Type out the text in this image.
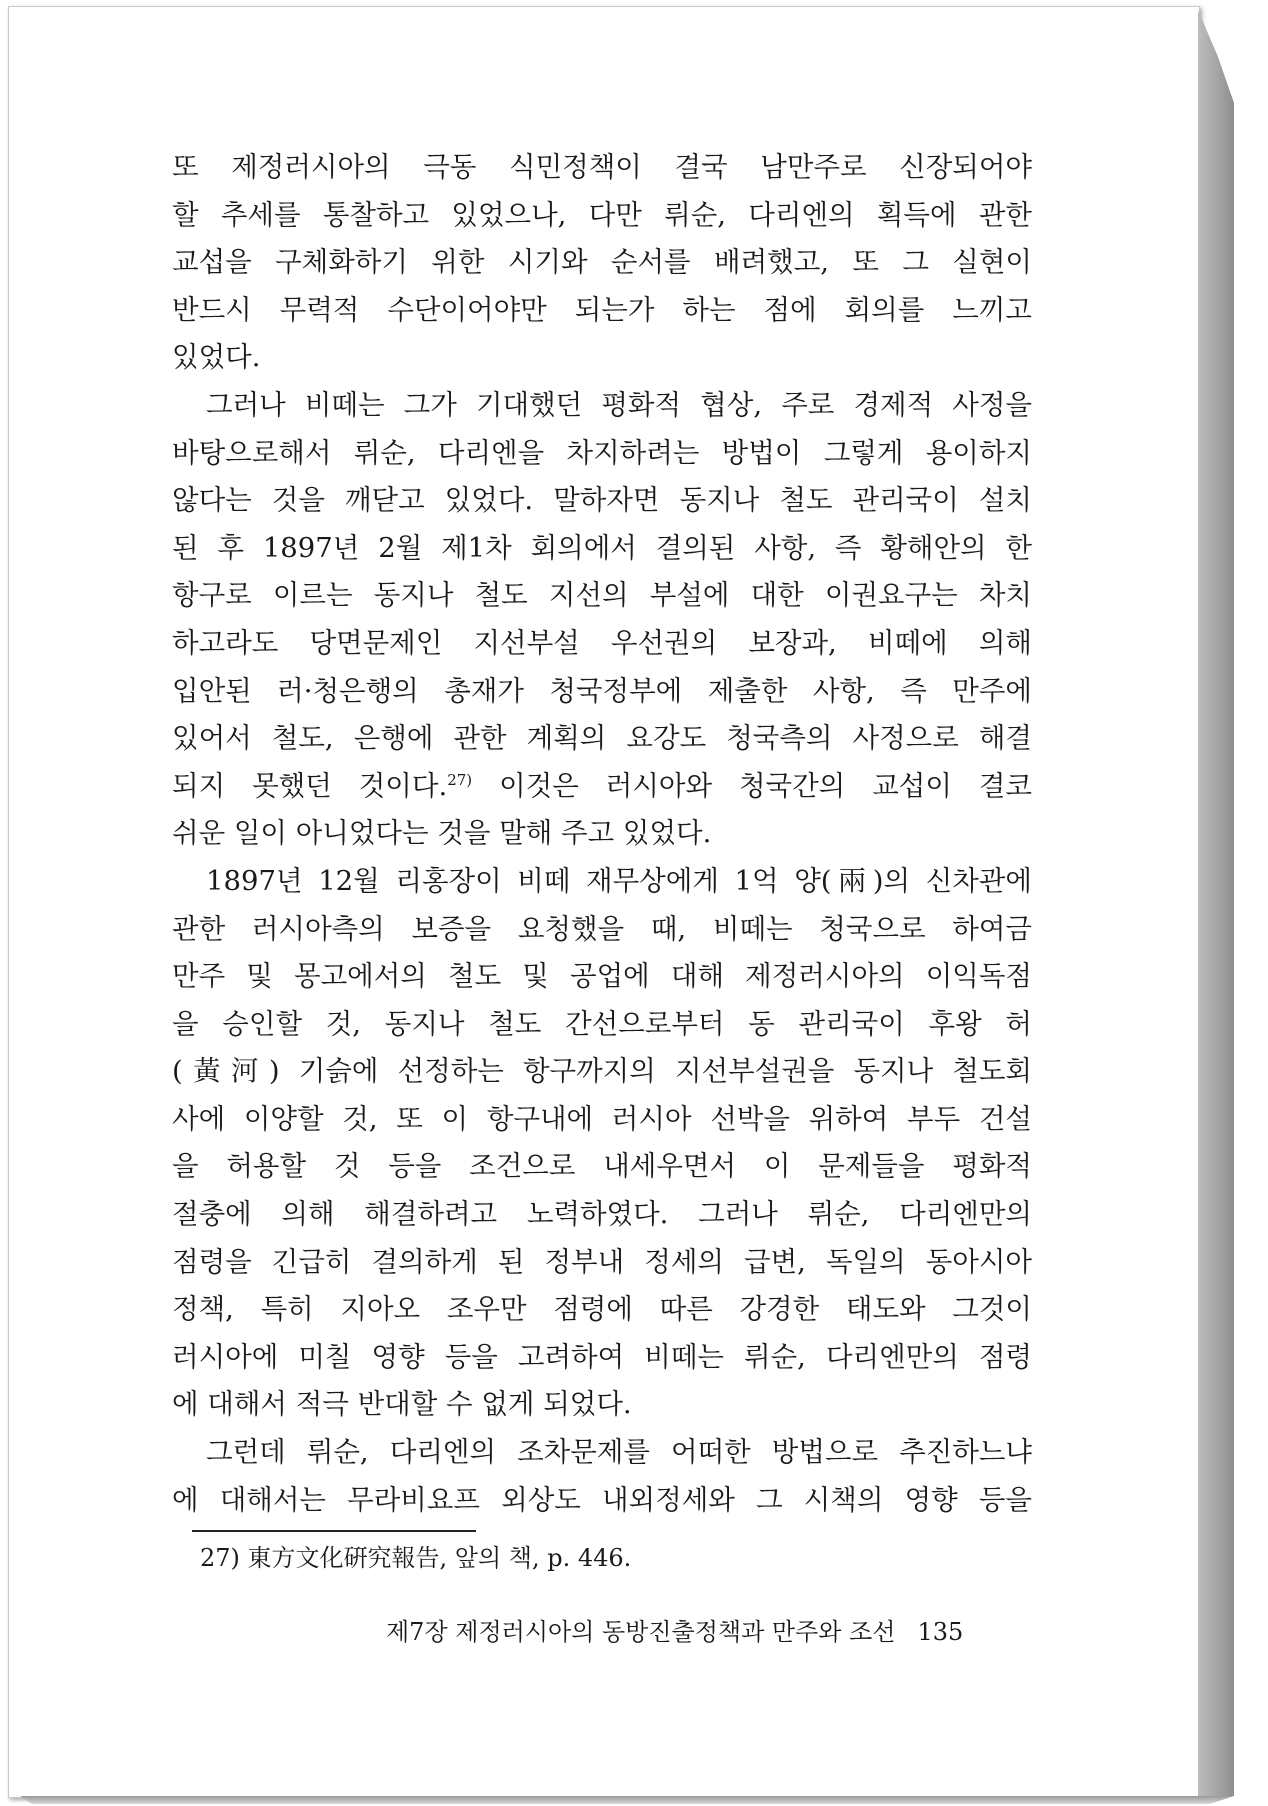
또 제정러시아의 극동 식민정책이 결국 남만주로 신장되어야
할 추세를 통찰하고 있었으나, 다만 뤼순, 다리엔의 획득에 관한
교섭을 구체화하기 위한 시기와 순서를 배려했고, 또 그 실현이
반드시 무력적 수단이어야만 되는가 하는 점에 회의를 느끼고
있었다.
그러나 비떼는 그가 기대했던 평화적 협상, 주로 경제적 사정을
바탕으로해서 뤼순, 다리엔을 차지하려는 방법이 그렇게 용이하지
않다는 것을 깨닫고 있었다. 말하자면 동지나 철도 관리국이 설치
된 후 1897년 2월 제1차 회의에서 결의된 사항, 즉 황해안의 한
항구로 이르는 동지나 철도 지선의 부설에 대한 이권요구는 차치
하고라도 당면문제인 지선부설 우선권의 보장과, 비떼에 의해
입안된 러·청은행의 총재가 청국정부에 제출한 사항, 즉 만주에
있어서 철도, 은행에 관한 계획의 요강도 청국측의 사정으로 해결
되지 못했던 것이다.$^{27)}$ 이것은 러시아와 청국간의 교섭이 결코
쉬운 일이 아니었다는 것을 말해 주고 있었다.
1897년 12월 리홍장이 비떼 재무상에게 1억 양(兩)의 신차관에
관한 러시아측의 보증을 요청했을 때, 비떼는 청국으로 하여금
만주 및 몽고에서의 철도 및 공업에 대해 제정러시아의 이익독점
을 승인할 것, 동지나 철도 간선으로부터 동 관리국이 후왕 허
(黃河) 기슭에 선정하는 항구까지의 지선부설권을 동지나 철도회
사에 이양할 것, 또 이 항구내에 러시아 선박을 위하여 부두 건설
을 허용할 것 등을 조건으로 내세우면서 이 문제들을 평화적
절충에 의해 해결하려고 노력하였다. 그러나 뤼순, 다리엔만의
점령을 긴급히 결의하게 된 정부내 정세의 급변, 독일의 동아시아
정책, 특히 지아오 조우만 점령에 따른 강경한 태도와 그것이
러시아에 미칠 영향 등을 고려하여 비떼는 뤼순, 다리엔만의 점령
에 대해서 적극 반대할 수 없게 되었다.
그런데 뤼순, 다리엔의 조차문제를 어떠한 방법으로 추진하느냐
에 대해서는 무라비요프 외상도 내외정세와 그 시책의 영향 등을
27) 東方文化硏究報告, 앞의 책, p. 446.
제7장 제정러시아의 동방진출정책과 만주와 조선 135
